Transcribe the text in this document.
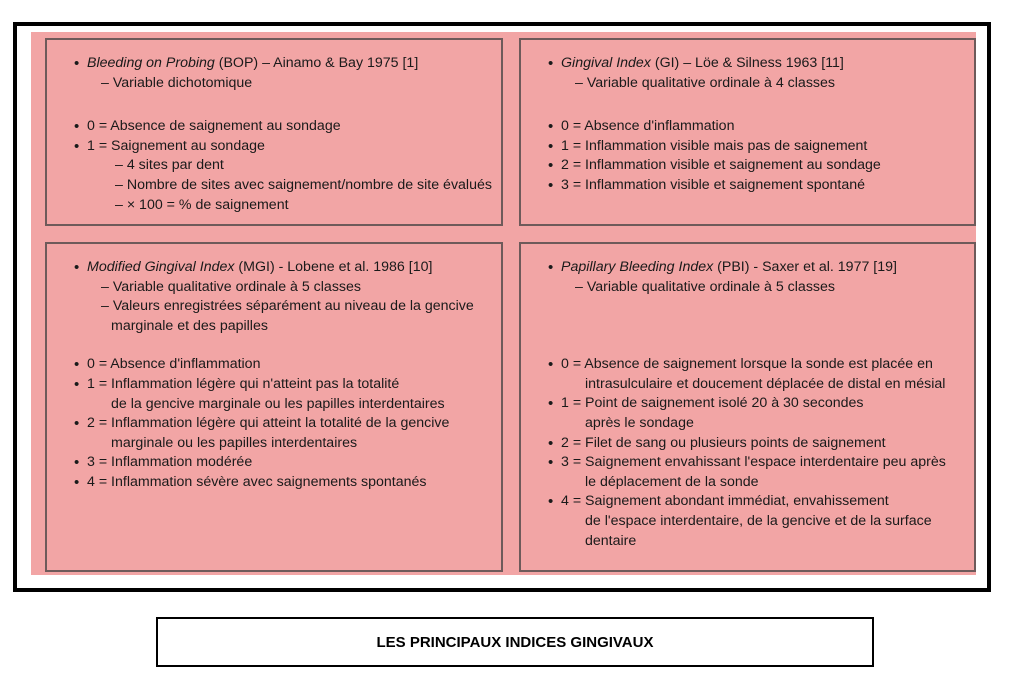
• Bleeding on Probing (BOP) – Ainamo & Bay 1975 [1]
– Variable dichotomique
• 0 = Absence de saignement au sondage
• 1 = Saignement au sondage
– 4 sites par dent
– Nombre de sites avec saignement/nombre de site évalués
– × 100 = % de saignement
• Gingival Index (GI) – Löe & Silness 1963 [11]
– Variable qualitative ordinale à 4 classes
• 0 = Absence d'inflammation
• 1 = Inflammation visible mais pas de saignement
• 2 = Inflammation visible et saignement au sondage
• 3 = Inflammation visible et saignement spontané
• Modified Gingival Index (MGI) - Lobene et al. 1986 [10]
– Variable qualitative ordinale à 5 classes
– Valeurs enregistrées séparément au niveau de la gencive
marginale et des papilles
• 0 = Absence d'inflammation
• 1 = Inflammation légère qui n'atteint pas la totalité
de la gencive marginale ou les papilles interdentaires
• 2 = Inflammation légère qui atteint la totalité de la gencive
marginale ou les papilles interdentaires
• 3 = Inflammation modérée
• 4 = Inflammation sévère avec saignements spontanés
• Papillary Bleeding Index (PBI) - Saxer et al. 1977 [19]
– Variable qualitative ordinale à 5 classes
• 0 = Absence de saignement lorsque la sonde est placée en
intrasulculaire et doucement déplacée de distal en mésial
• 1 = Point de saignement isolé 20 à 30 secondes
après le sondage
• 2 = Filet de sang ou plusieurs points de saignement
• 3 = Saignement envahissant l'espace interdentaire peu après
le déplacement de la sonde
• 4 = Saignement abondant immédiat, envahissement
de l'espace interdentaire, de la gencive et de la surface
dentaire
LES PRINCIPAUX INDICES GINGIVAUX
